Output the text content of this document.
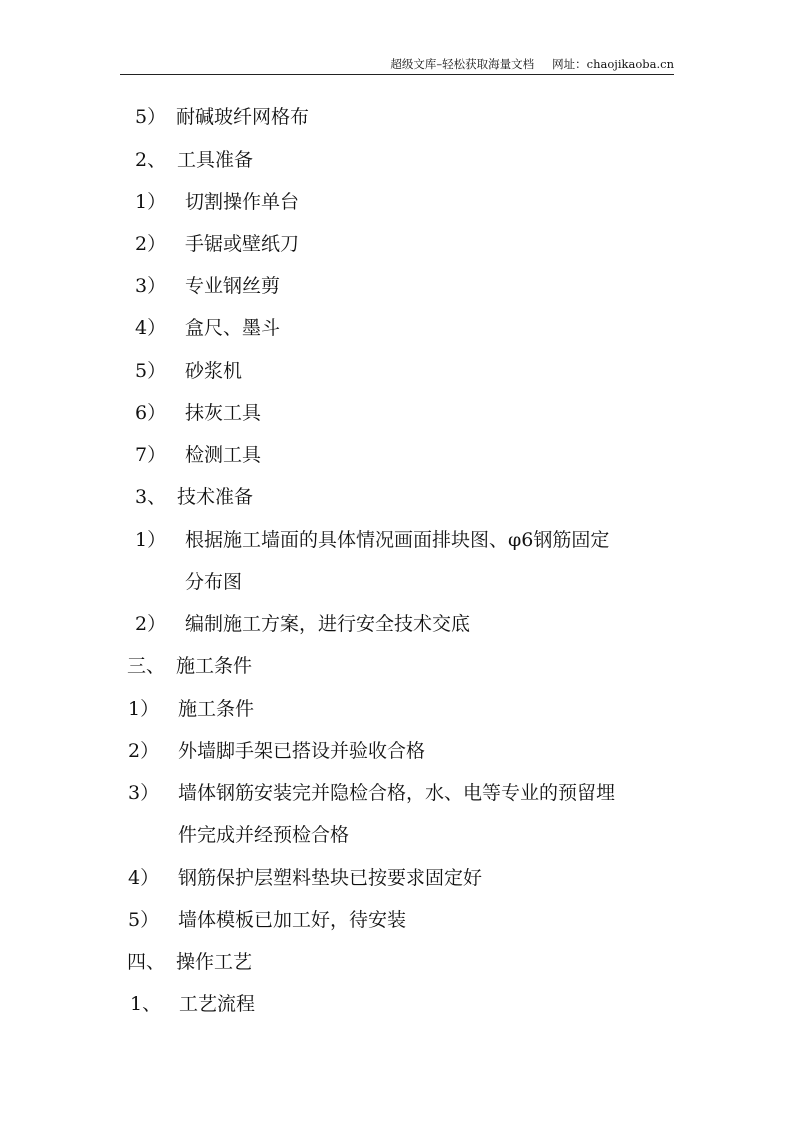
超级文库–轻松获取海量文档 网址：chaojikaoba.cn
5） 耐碱玻纤网格布
2、 工具准备
1） 切割操作单台
2） 手锯或壁纸刀
3） 专业钢丝剪
4） 盒尺、墨斗
5） 砂浆机
6） 抹灰工具
7） 检测工具
3、 技术准备
1） 根据施工墙面的具体情况画面排块图、φ6钢筋固定
分布图
2） 编制施工方案，进行安全技术交底
三、 施工条件
1） 施工条件
2） 外墙脚手架已搭设并验收合格
3） 墙体钢筋安装完并隐检合格，水、电等专业的预留埋
件完成并经预检合格
4） 钢筋保护层塑料垫块已按要求固定好
5） 墙体模板已加工好，待安装
四、 操作工艺
1、 工艺流程
